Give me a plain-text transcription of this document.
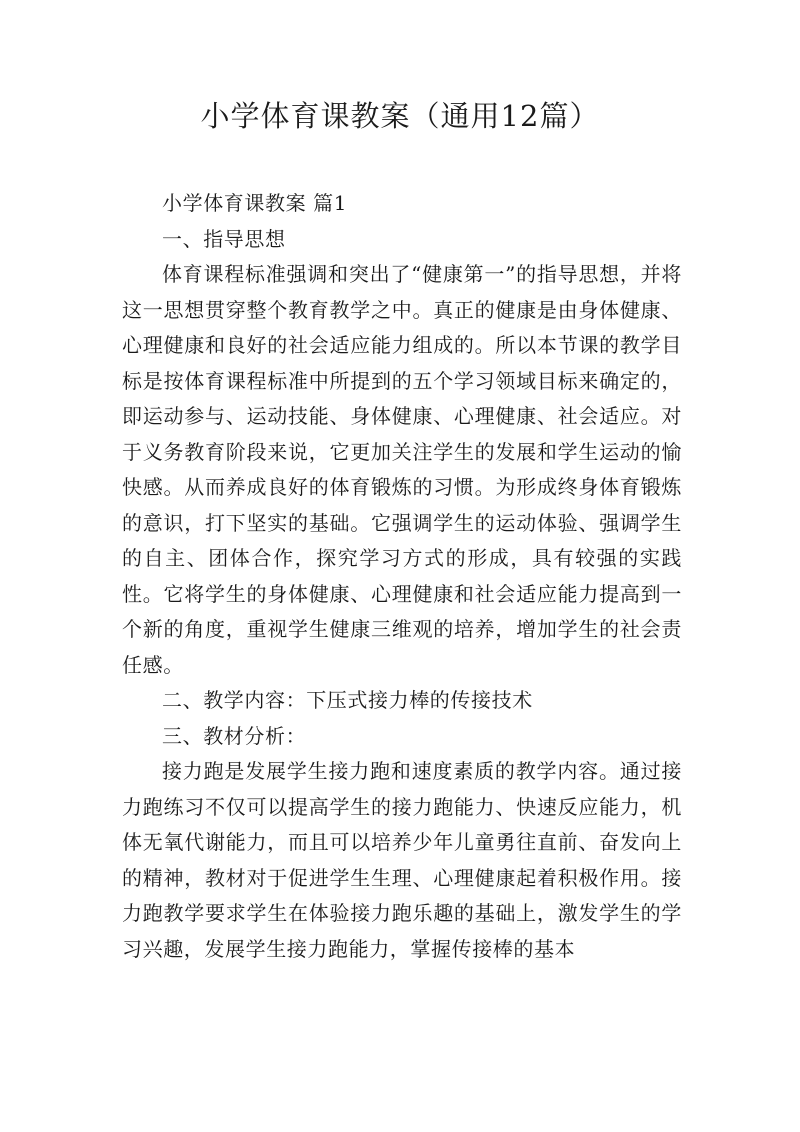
小学体育课教案（通用12篇）

小学体育课教案 篇1

一、指导思想

体育课程标准强调和突出了“健康第一”的指导思想，并将这一思想贯穿整个教育教学之中。真正的健康是由身体健康、心理健康和良好的社会适应能力组成的。所以本节课的教学目标是按体育课程标准中所提到的五个学习领域目标来确定的，即运动参与、运动技能、身体健康、心理健康、社会适应。对于义务教育阶段来说，它更加关注学生的发展和学生运动的愉快感。从而养成良好的体育锻炼的习惯。为形成终身体育锻炼的意识，打下坚实的基础。它强调学生的运动体验、强调学生的自主、团体合作，探究学习方式的形成，具有较强的实践性。它将学生的身体健康、心理健康和社会适应能力提高到一个新的角度，重视学生健康三维观的培养，增加学生的社会责任感。

二、教学内容：下压式接力棒的传接技术

三、教材分析：

接力跑是发展学生接力跑和速度素质的教学内容。通过接力跑练习不仅可以提高学生的接力跑能力、快速反应能力，机体无氧代谢能力，而且可以培养少年儿童勇往直前、奋发向上的精神，教材对于促进学生生理、心理健康起着积极作用。接力跑教学要求学生在体验接力跑乐趣的基础上，激发学生的学习兴趣，发展学生接力跑能力，掌握传接棒的基本
